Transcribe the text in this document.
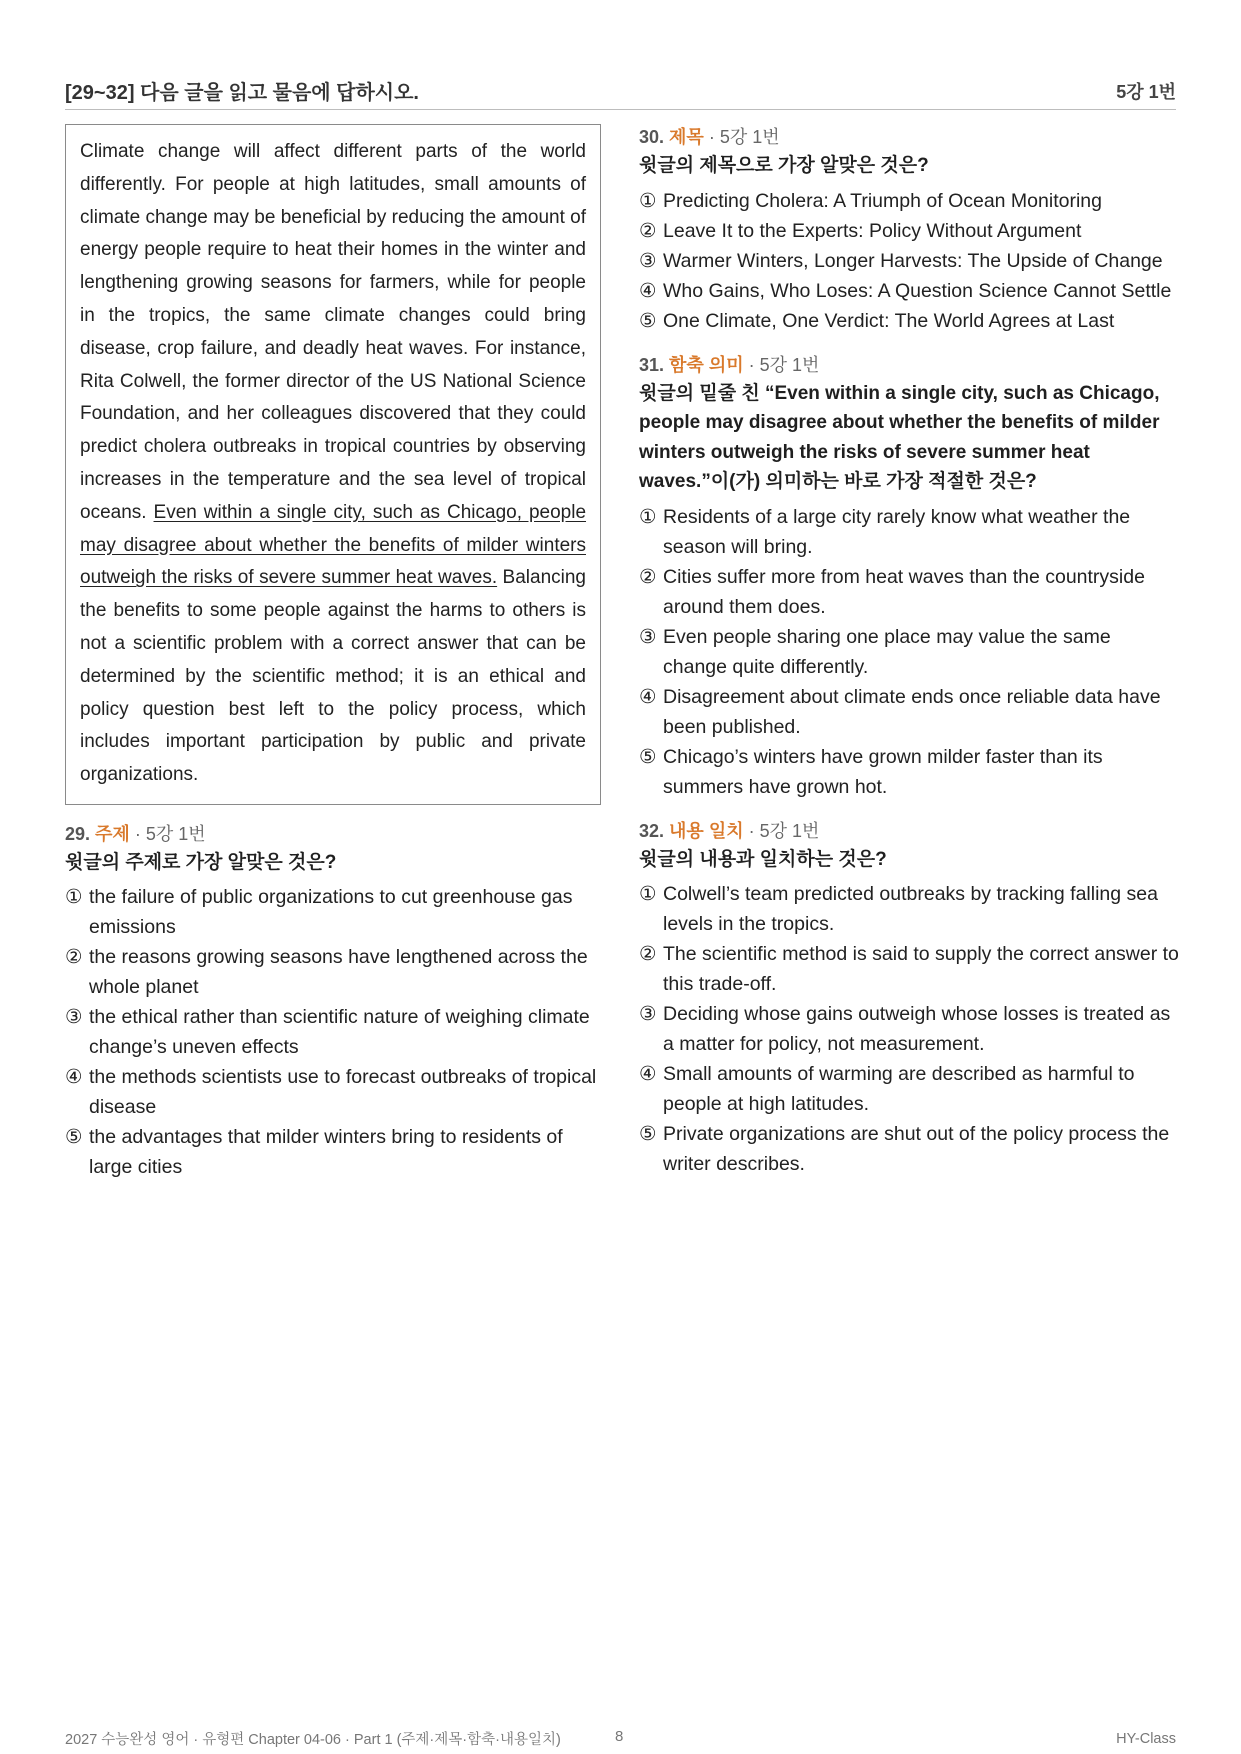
[29~32] 다음 글을 읽고 물음에 답하시오.	5강 1번
Climate change will affect different parts of the world differently. For people at high latitudes, small amounts of climate change may be beneficial by reducing the amount of energy people require to heat their homes in the winter and lengthening growing seasons for farmers, while for people in the tropics, the same climate changes could bring disease, crop failure, and deadly heat waves. For instance, Rita Colwell, the former director of the US National Science Foundation, and her colleagues discovered that they could predict cholera outbreaks in tropical countries by observing increases in the temperature and the sea level of tropical oceans. Even within a single city, such as Chicago, people may disagree about whether the benefits of milder winters outweigh the risks of severe summer heat waves. Balancing the benefits to some people against the harms to others is not a scientific problem with a correct answer that can be determined by the scientific method; it is an ethical and policy question best left to the policy process, which includes important participation by public and private organizations.
29. 주제 · 5강 1번
윗글의 주제로 가장 알맞은 것은?
① the failure of public organizations to cut greenhouse gas emissions
② the reasons growing seasons have lengthened across the whole planet
③ the ethical rather than scientific nature of weighing climate change’s uneven effects
④ the methods scientists use to forecast outbreaks of tropical disease
⑤ the advantages that milder winters bring to residents of large cities
30. 제목 · 5강 1번
윗글의 제목으로 가장 알맞은 것은?
① Predicting Cholera: A Triumph of Ocean Monitoring
② Leave It to the Experts: Policy Without Argument
③ Warmer Winters, Longer Harvests: The Upside of Change
④ Who Gains, Who Loses: A Question Science Cannot Settle
⑤ One Climate, One Verdict: The World Agrees at Last
31. 함축 의미 · 5강 1번
윗글의 밑줄 친 “Even within a single city, such as Chicago, people may disagree about whether the benefits of milder winters outweigh the risks of severe summer heat waves.”이(가) 의미하는 바로 가장 적절한 것은?
① Residents of a large city rarely know what weather the season will bring.
② Cities suffer more from heat waves than the countryside around them does.
③ Even people sharing one place may value the same change quite differently.
④ Disagreement about climate ends once reliable data have been published.
⑤ Chicago’s winters have grown milder faster than its summers have grown hot.
32. 내용 일치 · 5강 1번
윗글의 내용과 일치하는 것은?
① Colwell’s team predicted outbreaks by tracking falling sea levels in the tropics.
② The scientific method is said to supply the correct answer to this trade-off.
③ Deciding whose gains outweigh whose losses is treated as a matter for policy, not measurement.
④ Small amounts of warming are described as harmful to people at high latitudes.
⑤ Private organizations are shut out of the policy process the writer describes.
2027 수능완성 영어 · 유형편 Chapter 04-06 · Part 1 (주제·제목·함축·내용일치)	8	HY-Class
